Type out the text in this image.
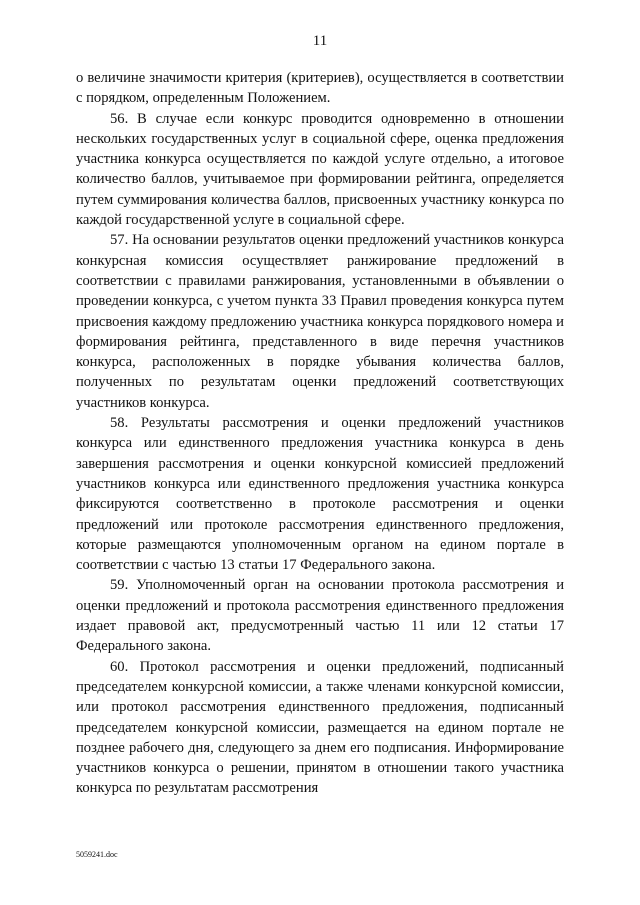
11

о величине значимости критерия (критериев), осуществляется в соответствии с порядком, определенным Положением.

56. В случае если конкурс проводится одновременно в отношении нескольких государственных услуг в социальной сфере, оценка предложения участника конкурса осуществляется по каждой услуге отдельно, а итоговое количество баллов, учитываемое при формировании рейтинга, определяется путем суммирования количества баллов, присвоенных участнику конкурса по каждой государственной услуге в социальной сфере.

57. На основании результатов оценки предложений участников конкурса конкурсная комиссия осуществляет ранжирование предложений в соответствии с правилами ранжирования, установленными в объявлении о проведении конкурса, с учетом пункта 33 Правил проведения конкурса путем присвоения каждому предложению участника конкурса порядкового номера и формирования рейтинга, представленного в виде перечня участников конкурса, расположенных в порядке убывания количества баллов, полученных по результатам оценки предложений соответствующих участников конкурса.

58. Результаты рассмотрения и оценки предложений участников конкурса или единственного предложения участника конкурса в день завершения рассмотрения и оценки конкурсной комиссией предложений участников конкурса или единственного предложения участника конкурса фиксируются соответственно в протоколе рассмотрения и оценки предложений или протоколе рассмотрения единственного предложения, которые размещаются уполномоченным органом на едином портале в соответствии с частью 13 статьи 17 Федерального закона.

59. Уполномоченный орган на основании протокола рассмотрения и оценки предложений и протокола рассмотрения единственного предложения издает правовой акт, предусмотренный частью 11 или 12 статьи 17 Федерального закона.

60. Протокол рассмотрения и оценки предложений, подписанный председателем конкурсной комиссии, а также членами конкурсной комиссии, или протокол рассмотрения единственного предложения, подписанный председателем конкурсной комиссии, размещается на едином портале не позднее рабочего дня, следующего за днем его подписания. Информирование участников конкурса о решении, принятом в отношении такого участника конкурса по результатам рассмотрения

5059241.doc
